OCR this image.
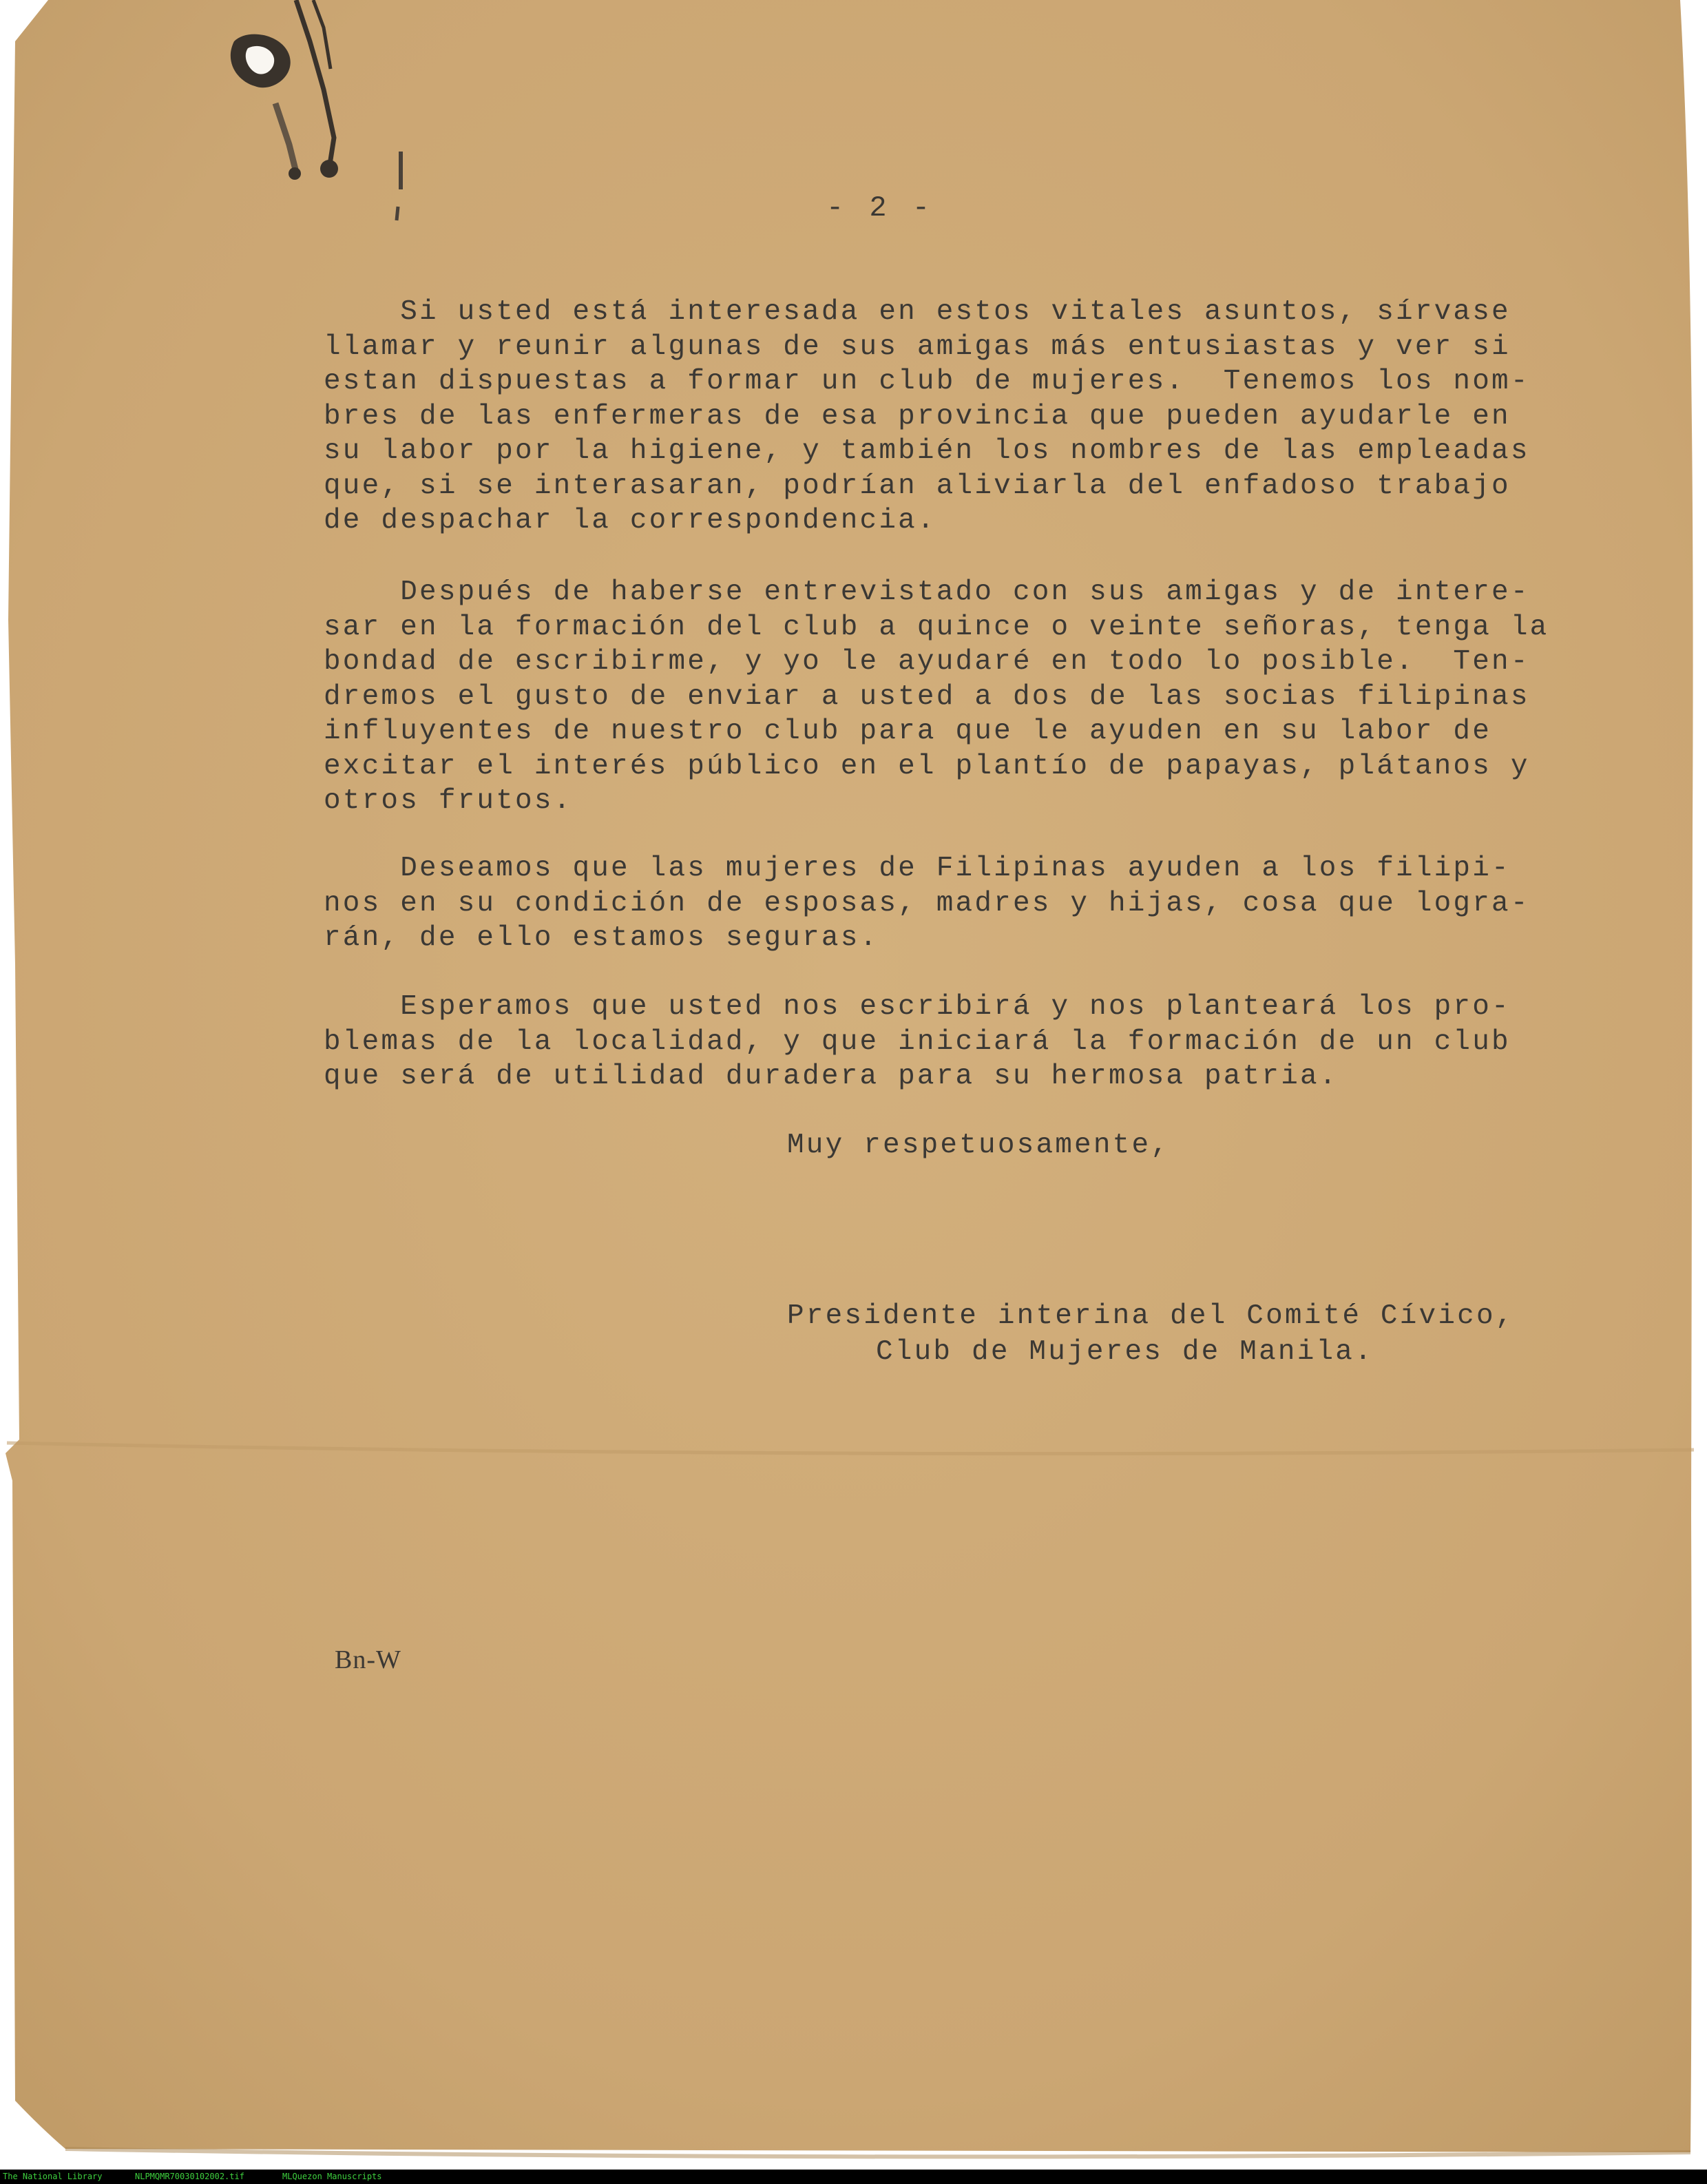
- 2 -
Si usted está interesada en estos vitales asuntos, sírvase
llamar y reunir algunas de sus amigas más entusiastas y ver si
estan dispuestas a formar un club de mujeres.  Tenemos los nom-
bres de las enfermeras de esa provincia que pueden ayudarle en
su labor por la higiene, y también los nombres de las empleadas
que, si se interasaran, podrían aliviarla del enfadoso trabajo
de despachar la correspondencia.
Después de haberse entrevistado con sus amigas y de intere-
sar en la formación del club a quince o veinte señoras, tenga la
bondad de escribirme, y yo le ayudaré en todo lo posible.  Ten-
dremos el gusto de enviar a usted a dos de las socias filipinas
influyentes de nuestro club para que le ayuden en su labor de
excitar el interés público en el plantío de papayas, plátanos y
otros frutos.
Deseamos que las mujeres de Filipinas ayuden a los filipi-
nos en su condición de esposas, madres y hijas, cosa que logra-
rán, de ello estamos seguras.
Esperamos que usted nos escribirá y nos planteará los pro-
blemas de la localidad, y que iniciará la formación de un club
que será de utilidad duradera para su hermosa patria.
Muy respetuosamente,
Presidente interina del Comité Cívico,
Club de Mujeres de Manila.
Bn-W

The National Library

	NLPMQMR70030102002.tif

	MLQuezon Manuscripts
